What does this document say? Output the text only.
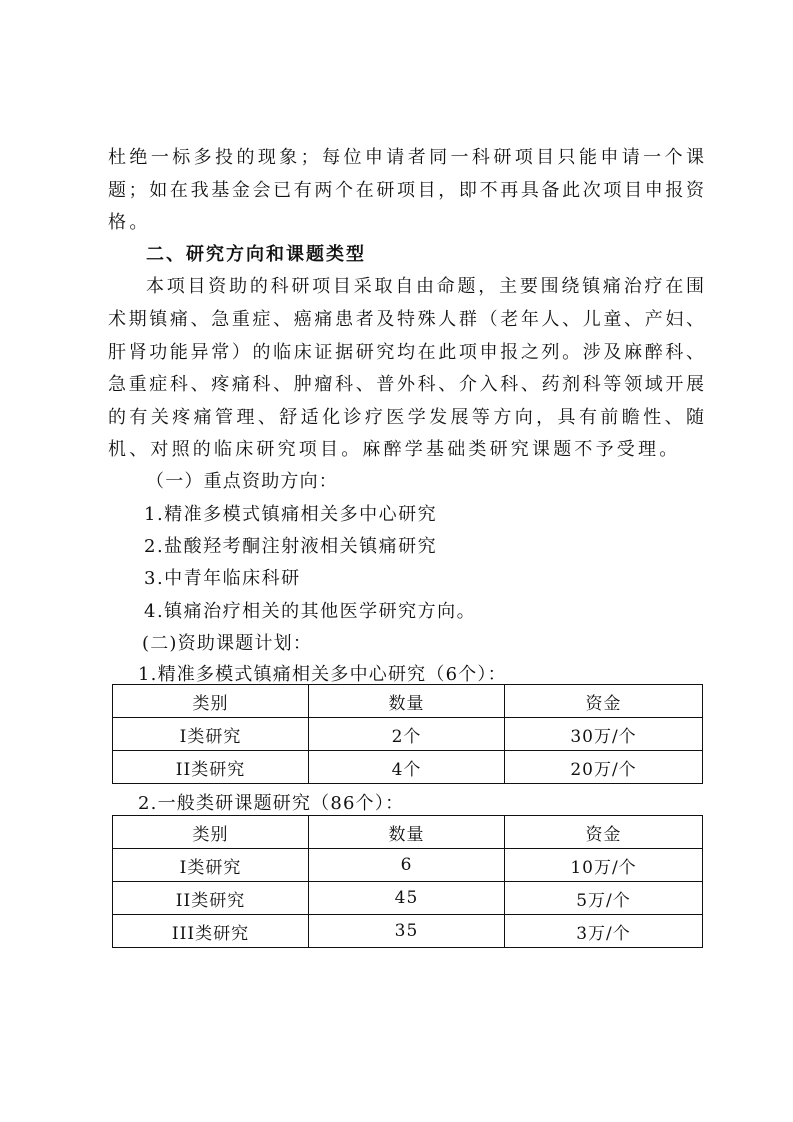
杜绝一标多投的现象；每位申请者同一科研项目只能申请一个课
题；如在我基金会已有两个在研项目，即不再具备此次项目申报资
格。
二、研究方向和课题类型
本项目资助的科研项目采取自由命题，主要围绕镇痛治疗在围
术期镇痛、急重症、癌痛患者及特殊人群（老年人、儿童、产妇、
肝肾功能异常）的临床证据研究均在此项申报之列。涉及麻醉科、
急重症科、疼痛科、肿瘤科、普外科、介入科、药剂科等领域开展
的有关疼痛管理、舒适化诊疗医学发展等方向，具有前瞻性、随
机、对照的临床研究项目。麻醉学基础类研究课题不予受理。
（一）重点资助方向：
1.精准多模式镇痛相关多中心研究
2.盐酸羟考酮注射液相关镇痛研究
3.中青年临床科研
4.镇痛治疗相关的其他医学研究方向。
(二)资助课题计划：
1.精准多模式镇痛相关多中心研究（6个）：
类别	数量	资金
I类研究	2个	30万/个
II类研究	4个	20万/个
2.一般类研课题研究（86个）：
类别	数量	资金
I类研究	6	10万/个
II类研究	45	5万/个
III类研究	35	3万/个
